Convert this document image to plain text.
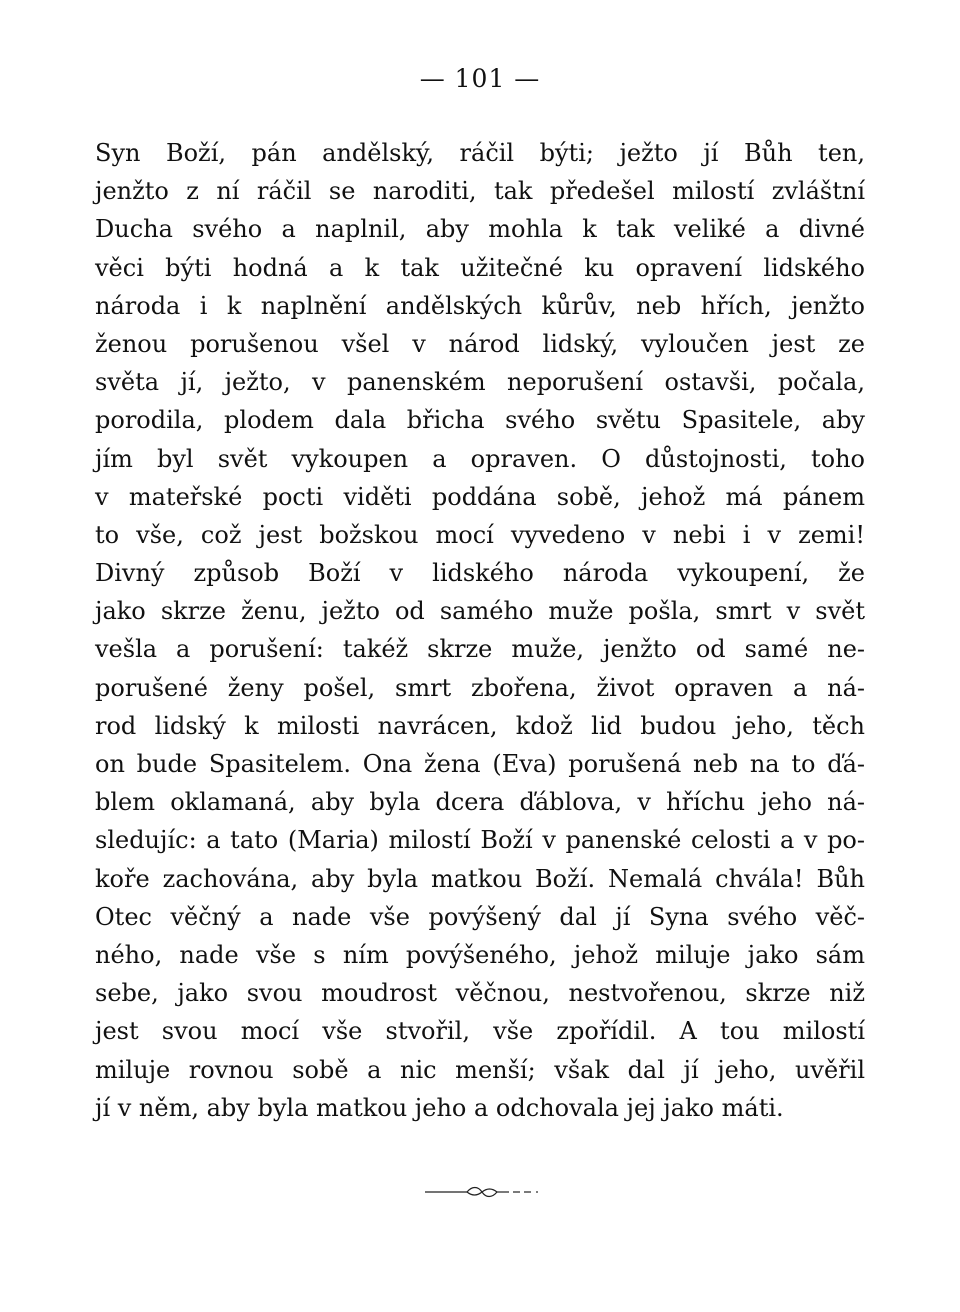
— 101 —
Syn Boží, pán andělský, ráčil býti; ježto jí Bůh ten,
jenžto z ní ráčil se naroditi, tak předešel milostí zvláštní
Ducha svého a naplnil, aby mohla k tak veliké a divné
věci býti hodná a k tak užitečné ku opravení lidského
národa i k naplnění andělských kůrův, neb hřích, jenžto
ženou porušenou všel v národ lidský, vyloučen jest ze
světa jí, ježto, v panenském neporušení ostavši, počala,
porodila, plodem dala břicha svého světu Spasitele, aby
jím byl svět vykoupen a opraven. O důstojnosti, toho
v mateřské pocti viděti poddána sobě, jehož má pánem
to vše, což jest božskou mocí vyvedeno v nebi i v zemi!
Divný způsob Boží v lidského národa vykoupení, že
jako skrze ženu, ježto od samého muže pošla, smrt v svět
vešla a porušení: takéž skrze muže, jenžto od samé ne-
porušené ženy pošel, smrt zbořena, život opraven a ná-
rod lidský k milosti navrácen, kdož lid budou jeho, těch
on bude Spasitelem. Ona žena (Eva) porušená neb na to ďá-
blem oklamaná, aby byla dcera ďáblova, v hříchu jeho ná-
sledujíc: a tato (Maria) milostí Boží v panenské celosti a v po-
koře zachována, aby byla matkou Boží. Nemalá chvála! Bůh
Otec věčný a nade vše povýšený dal jí Syna svého věč-
ného, nade vše s ním povýšeného, jehož miluje jako sám
sebe, jako svou moudrost věčnou, nestvořenou, skrze niž
jest svou mocí vše stvořil, vše zpořídil. A tou milostí
miluje rovnou sobě a nic menší; však dal jí jeho, uvěřil
jí v něm, aby byla matkou jeho a odchovala jej jako máti.
